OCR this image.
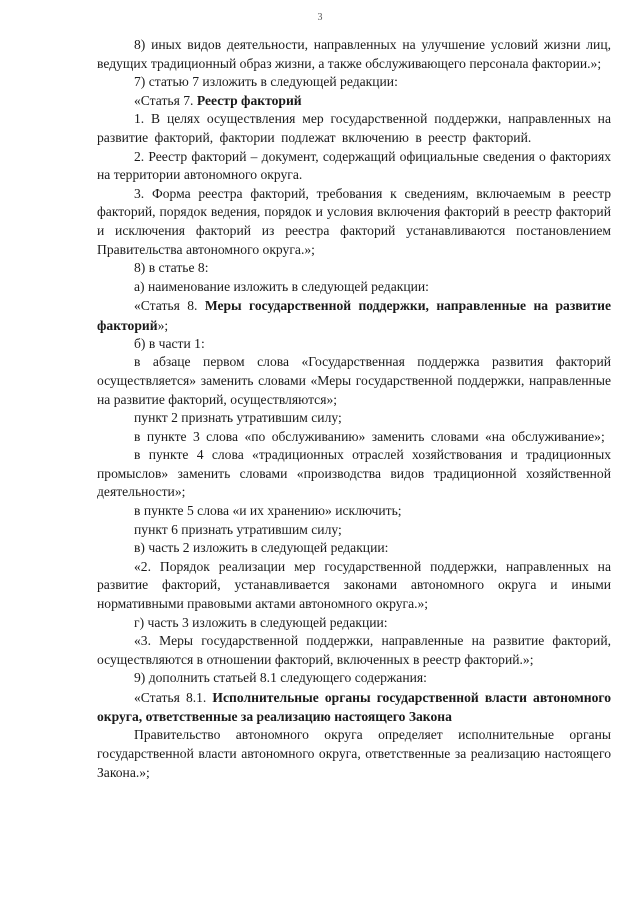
3

8) иных видов деятельности, направленных на улучшение условий жизни лиц, ведущих традиционный образ жизни, а также обслуживающего персонала фактории.»;

7) статью 7 изложить в следующей редакции:

«Статья 7. Реестр факторий

1. В целях осуществления мер государственной поддержки, направленных на развитие факторий, фактории подлежат включению в реестр факторий.

2. Реестр факторий – документ, содержащий официальные сведения о факториях на территории автономного округа.

3. Форма реестра факторий, требования к сведениям, включаемым в реестр факторий, порядок ведения, порядок и условия включения факторий в реестр факторий и исключения факторий из реестра факторий устанавливаются постановлением Правительства автономного округа.»;

8) в статье 8:

а) наименование изложить в следующей редакции:

«Статья 8. Меры государственной поддержки, направленные на развитие факторий»;

б) в части 1:

в абзаце первом слова «Государственная поддержка развития факторий осуществляется» заменить словами «Меры государственной поддержки, направленные на развитие факторий, осуществляются»;

пункт 2 признать утратившим силу;

в пункте 3 слова «по обслуживанию» заменить словами «на обслуживание»;

в пункте 4 слова «традиционных отраслей хозяйствования и традиционных промыслов» заменить словами «производства видов традиционной хозяйственной деятельности»;

в пункте 5 слова «и их хранению» исключить;

пункт 6 признать утратившим силу;

в) часть 2 изложить в следующей редакции:

«2. Порядок реализации мер государственной поддержки, направленных на развитие факторий, устанавливается законами автономного округа и иными нормативными правовыми актами автономного округа.»;

г) часть 3 изложить в следующей редакции:

«3. Меры государственной поддержки, направленные на развитие факторий, осуществляются в отношении факторий, включенных в реестр факторий.»;

9) дополнить статьей 8.1 следующего содержания:

«Статья 8.1. Исполнительные органы государственной власти автономного округа, ответственные за реализацию настоящего Закона

Правительство автономного округа определяет исполнительные органы государственной власти автономного округа, ответственные за реализацию настоящего Закона.»;
